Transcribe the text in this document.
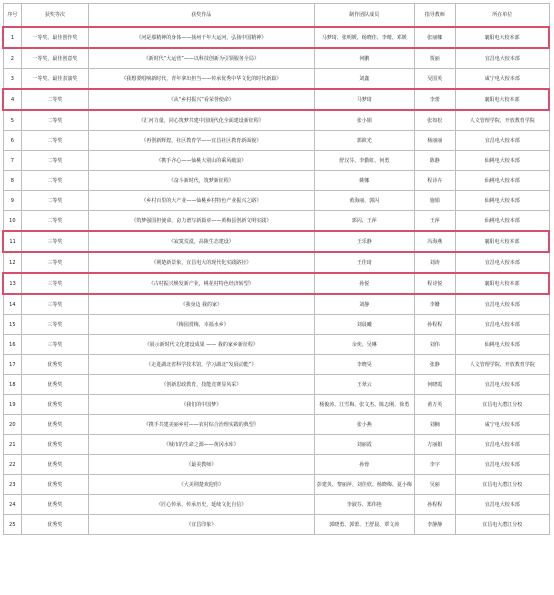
序号	获奖等次	获奖作品	制作团队成员	指导教师	所在单位
1	一等奖、最佳创作奖	《河是那精神的身体——扬州千年大运河，弘扬中国精神》	马梦琦、张明媛、杨晓佳、李晴、邓媛	张丽娜	襄阳电大校本部
2	一等奖、最佳创意奖	《新时代“大运营”——以科技创新为引领服务全局》	何鹏	贾丽	宜昌电大校本部
3	一等奖、最佳表演奖	《我想要唱响新时代，青年拿出担当——传承优秀中华文化的时代新篇》	刘鑫	吴国英	咸宁电大校本部
4	二等奖	《从“乡村振兴”看荣誉使命》	马梦琦	李蕾	襄阳电大校本部
5	二等奖	《汇河力量，同心筑梦共建中国现代化全面建设新征程》	张小娟	张如松	人文管理学院、开放教育学院
6	二等奖	《再创新辉煌，社区教育学——宜昌社区教育新面貌》	郭筱光	杨丽丽	宜昌电大校本部
7	二等奖	《携手齐心——仙桃大别山的乘风破浪》	舒汉芬、李勤虹、何勇	陈静	仙桃电大校本部
8	二等奖	《奋斗新时代，筑梦新征程》	姚娜	程诗卉	仙桃电大校本部
9	二等奖	《乡村百里的大产业——仙桃乡村特色产业振兴之路》	黄海丽、郭闪	施娟	仙桃电大校本部
10	二等奖	《筑梦强国担使命，奋力谱写新篇章——黄梅县创新文明实践》	郭闪、王萍	王萍	仙桃电大校本部
11	三等奖	《寂寞荒漠，高陵生态建设》	王乐静	冯海燕	襄阳电大校本部
12	三等奖	《荆楚新景象，宜昌电大的现代化实践路径》	王佳琦	刘涛	宜昌电大校本部
13	三等奖	《古村振兴焕发新产业，桃花村特色经济转型》	孙悦	程诗悦	襄阳电大校本部
14	三等奖	《我身边 我的家》	刘静	李姗	宜昌电大校本部
15	三等奖	《梅园赏梅，幸福水乡》	刘晨曦	孙程程	宜昌电大校本部
16	三等奖	《展示新时代文化建设成果 —— 我的家乡新征程》	余奕、吴琳	刘伟	仙桃电大校本部
17	优秀奖	《走进湖北省科学技术馆，学习湖北“发展动能”》	李晓昊	张静	人文管理学院、开放教育学院
18	优秀奖	《创新思政教育，技能竞赛显风采》	王翠云	何晓霞	宜昌电大校本部
19	优秀奖	《我们的中国梦》	杨俊涛、江雪梅、张文杰、陈志刚、徐勇	黄万英	宜昌电大潜江分校
20	优秀奖	《携手共建美丽乡村——农村综合治理实践的典型》	张小燕	刘楠	咸宁电大校本部
21	优秀奖	《城市的生命之源——黄冈水库》	刘丽霞	方丽娟	宜昌电大校本部
22	优秀奖	《最美教师》	孙蓉	李宇	宜昌电大校本部
23	优秀奖	《大美荆楚欢迎你》	彭建英、黎丽萍、刘佳欣、杨晓梅、夏小梅	吴丽	宜昌电大潜江分校
24	优秀奖	《匠心传承，传承历史，延续文化自信》	李淑芬、郑伟艳	孙程程	宜昌电大校本部
25	优秀奖	《宜昌印象》	郭晓勇、郭蕾、王舒晨、覃文涛	李静静	宜昌电大潜江分校
